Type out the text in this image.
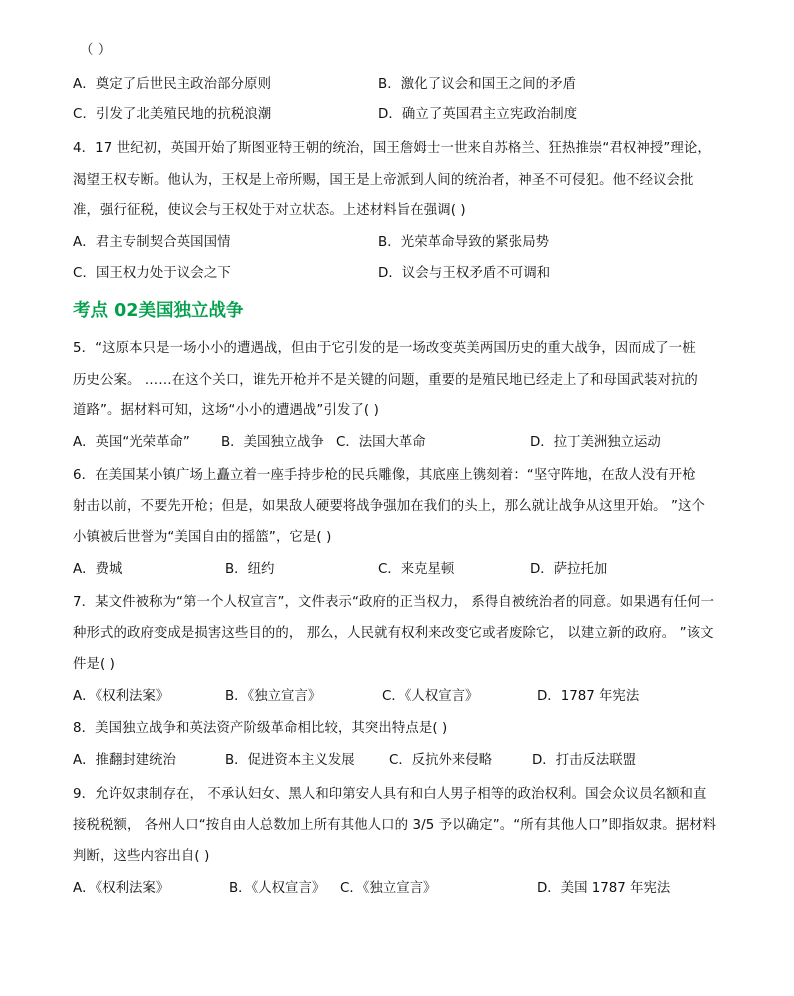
（ ）
A．奠定了后世民主政治部分原则	B．激化了议会和国王之间的矛盾
C．引发了北美殖民地的抗税浪潮	D．确立了英国君主立宪政治制度
4．17 世纪初，英国开始了斯图亚特王朝的统治，国王詹姆士一世来自苏格兰、狂热推崇“君权神授”理论，
渴望王权专断。他认为，王权是上帝所赐，国王是上帝派到人间的统治者，神圣不可侵犯。他不经议会批
准，强行征税，使议会与王权处于对立状态。上述材料旨在强调( )
A．君主专制契合英国国情	B．光荣革命导致的紧张局势
C．国王权力处于议会之下	D．议会与王权矛盾不可调和
考点 02美国独立战争
5．“这原本只是一场小小的遭遇战，但由于它引发的是一场改变英美两国历史的重大战争，因而成了一桩
历史公案。 ……在这个关口，谁先开枪并不是关键的问题，重要的是殖民地已经走上了和母国武装对抗的
道路”。据材料可知，这场“小小的遭遇战”引发了( )
A．英国“光荣革命” B．美国独立战争 C．法国大革命	D．拉丁美洲独立运动
6．在美国某小镇广场上矗立着一座手持步枪的民兵雕像，其底座上镌刻着：“坚守阵地，在敌人没有开枪
射击以前，不要先开枪；但是，如果敌人硬要将战争强加在我们的头上，那么就让战争从这里开始。 ”这个
小镇被后世誉为“美国自由的摇篮”，它是( )
A．费城	B．纽约	C．来克星顿	D．萨拉托加
7．某文件被称为“第一个人权宣言”，文件表示“政府的正当权力， 系得自被统治者的同意。如果遇有任何一
种形式的政府变成是损害这些目的的， 那么，人民就有权利来改变它或者废除它， 以建立新的政府。 ”该文
件是( )
A．《权利法案》	B．《独立宣言》	C．《人权宣言》	D．1787 年宪法
8．美国独立战争和英法资产阶级革命相比较，其突出特点是( )
A．推翻封建统治	B．促进资本主义发展	C．反抗外来侵略	D．打击反法联盟
9．允许奴隶制存在， 不承认妇女、黑人和印第安人具有和白人男子相等的政治权利。国会众议员名额和直
接税税额， 各州人口“按自由人总数加上所有其他人口的 3/5 予以确定”。“所有其他人口”即指奴隶。据材料
判断，这些内容出自( )
A．《权利法案》	B．《人权宣言》 C．《独立宣言》	D．美国 1787 年宪法
